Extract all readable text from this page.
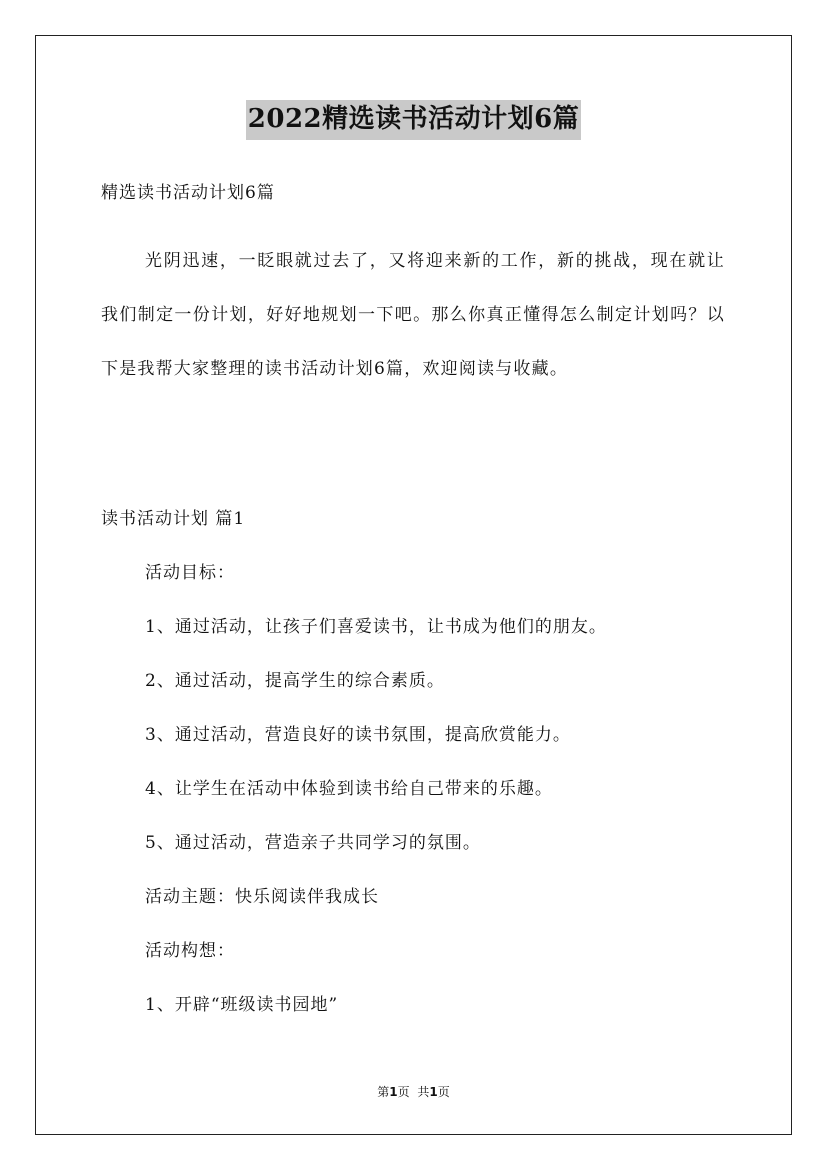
2022精选读书活动计划6篇
精选读书活动计划6篇

光阴迅速，一眨眼就过去了，又将迎来新的工作，新的挑战，现在就让我们制定一份计划，好好地规划一下吧。那么你真正懂得怎么制定计划吗？以下是我帮大家整理的读书活动计划6篇，欢迎阅读与收藏。

读书活动计划 篇1
活动目标：
1、通过活动，让孩子们喜爱读书，让书成为他们的朋友。
2、通过活动，提高学生的综合素质。
3、通过活动，营造良好的读书氛围，提高欣赏能力。
4、让学生在活动中体验到读书给自己带来的乐趣。
5、通过活动，营造亲子共同学习的氛围。
活动主题：快乐阅读伴我成长
活动构想：
1、开辟“班级读书园地”
第1页 共1页
